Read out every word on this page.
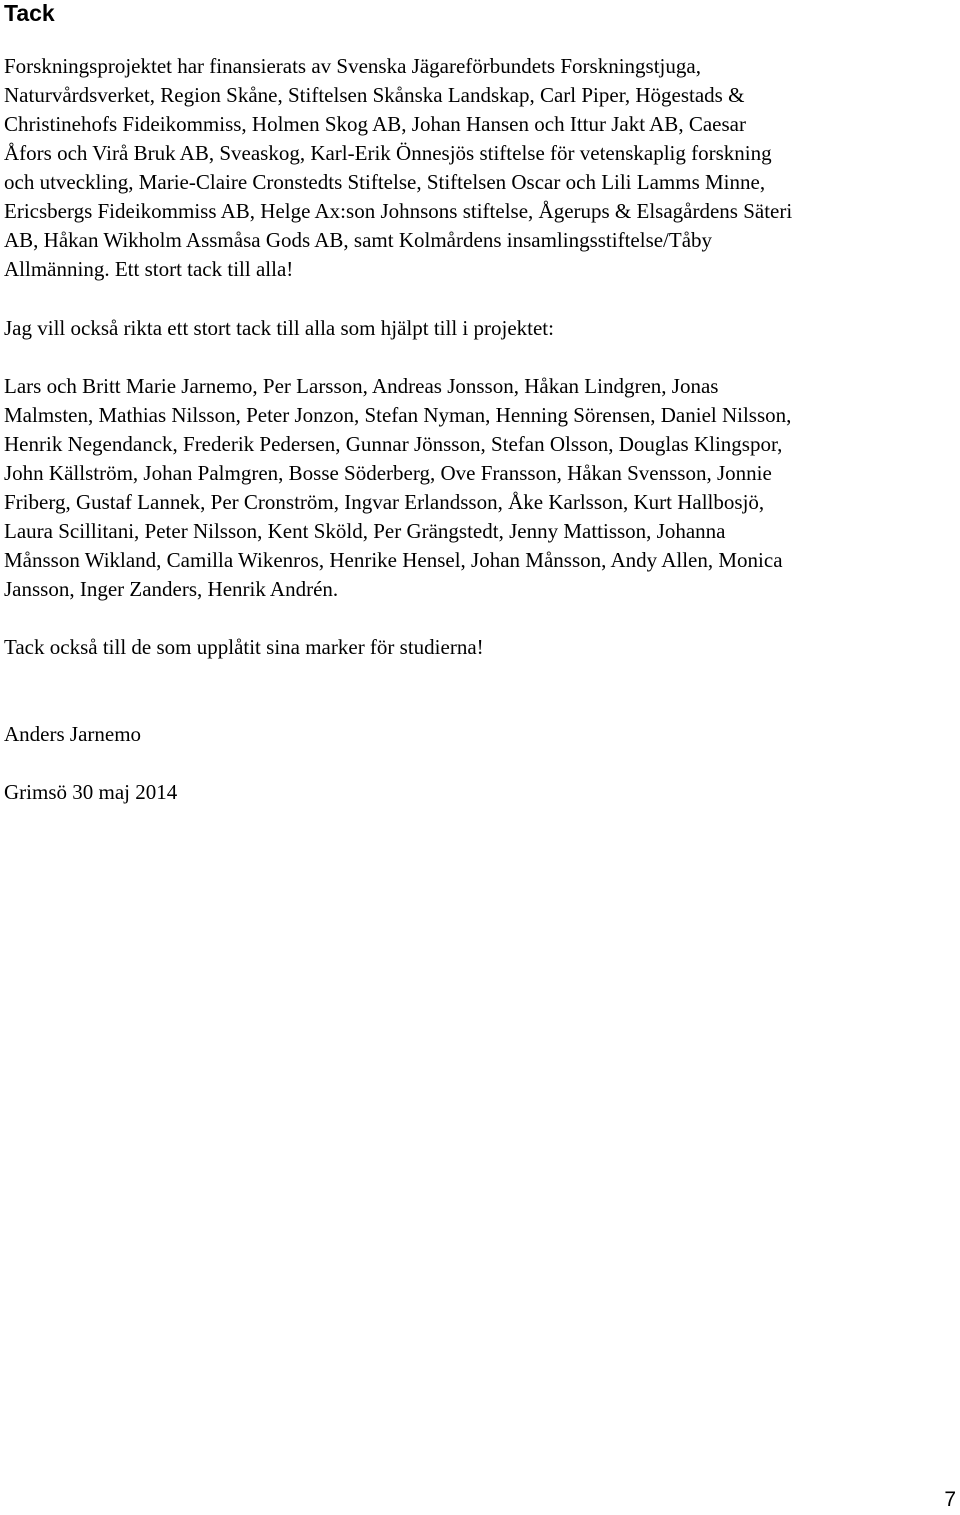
Tack

Forskningsprojektet har finansierats av Svenska Jägareförbundets Forskningstjuga,
Naturvårdsverket, Region Skåne, Stiftelsen Skånska Landskap, Carl Piper, Högestads &
Christinehofs Fideikommiss, Holmen Skog AB, Johan Hansen och Ittur Jakt AB, Caesar
Åfors och Virå Bruk AB, Sveaskog, Karl-Erik Önnesjös stiftelse för vetenskaplig forskning
och utveckling, Marie-Claire Cronstedts Stiftelse, Stiftelsen Oscar och Lili Lamms Minne,
Ericsbergs Fideikommiss AB, Helge Ax:son Johnsons stiftelse, Ågerups & Elsagårdens Säteri
AB, Håkan Wikholm Assmåsa Gods AB, samt Kolmårdens insamlingsstiftelse/Tåby
Allmänning. Ett stort tack till alla!

Jag vill också rikta ett stort tack till alla som hjälpt till i projektet:

Lars och Britt Marie Jarnemo, Per Larsson, Andreas Jonsson, Håkan Lindgren, Jonas
Malmsten, Mathias Nilsson, Peter Jonzon, Stefan Nyman, Henning Sörensen, Daniel Nilsson,
Henrik Negendanck, Frederik Pedersen, Gunnar Jönsson, Stefan Olsson, Douglas Klingspor,
John Källström, Johan Palmgren, Bosse Söderberg, Ove Fransson, Håkan Svensson, Jonnie
Friberg, Gustaf Lannek, Per Cronström, Ingvar Erlandsson, Åke Karlsson, Kurt Hallbosjö,
Laura Scillitani, Peter Nilsson, Kent Sköld, Per Grängstedt, Jenny Mattisson, Johanna
Månsson Wikland, Camilla Wikenros, Henrike Hensel, Johan Månsson, Andy Allen, Monica
Jansson, Inger Zanders, Henrik Andrén.

Tack också till de som upplåtit sina marker för studierna!

Anders Jarnemo

Grimsö 30 maj 2014

7
